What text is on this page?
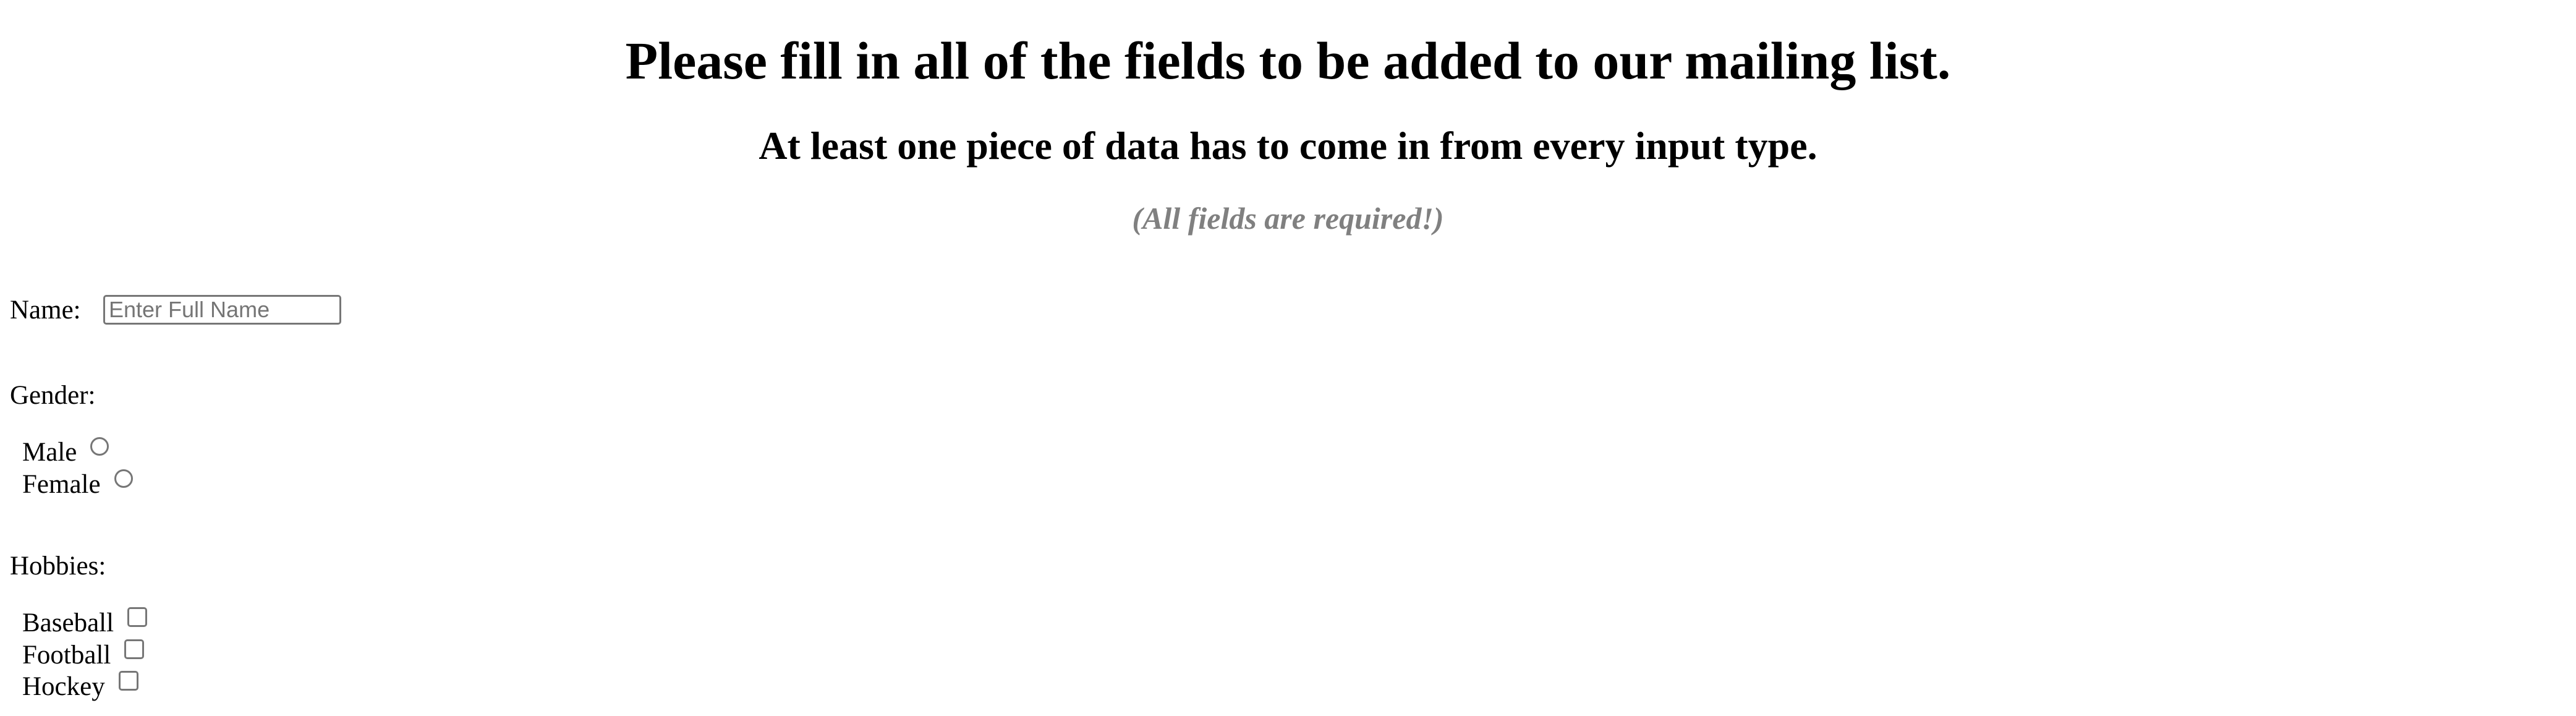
Please fill in all of the fields to be added to our mailing list.
At least one piece of data has to come in from every input type.
(All fields are required!)
Name:
Enter Full Name
Gender:
Male
Female
Hobbies:
Baseball
Football
Hockey
